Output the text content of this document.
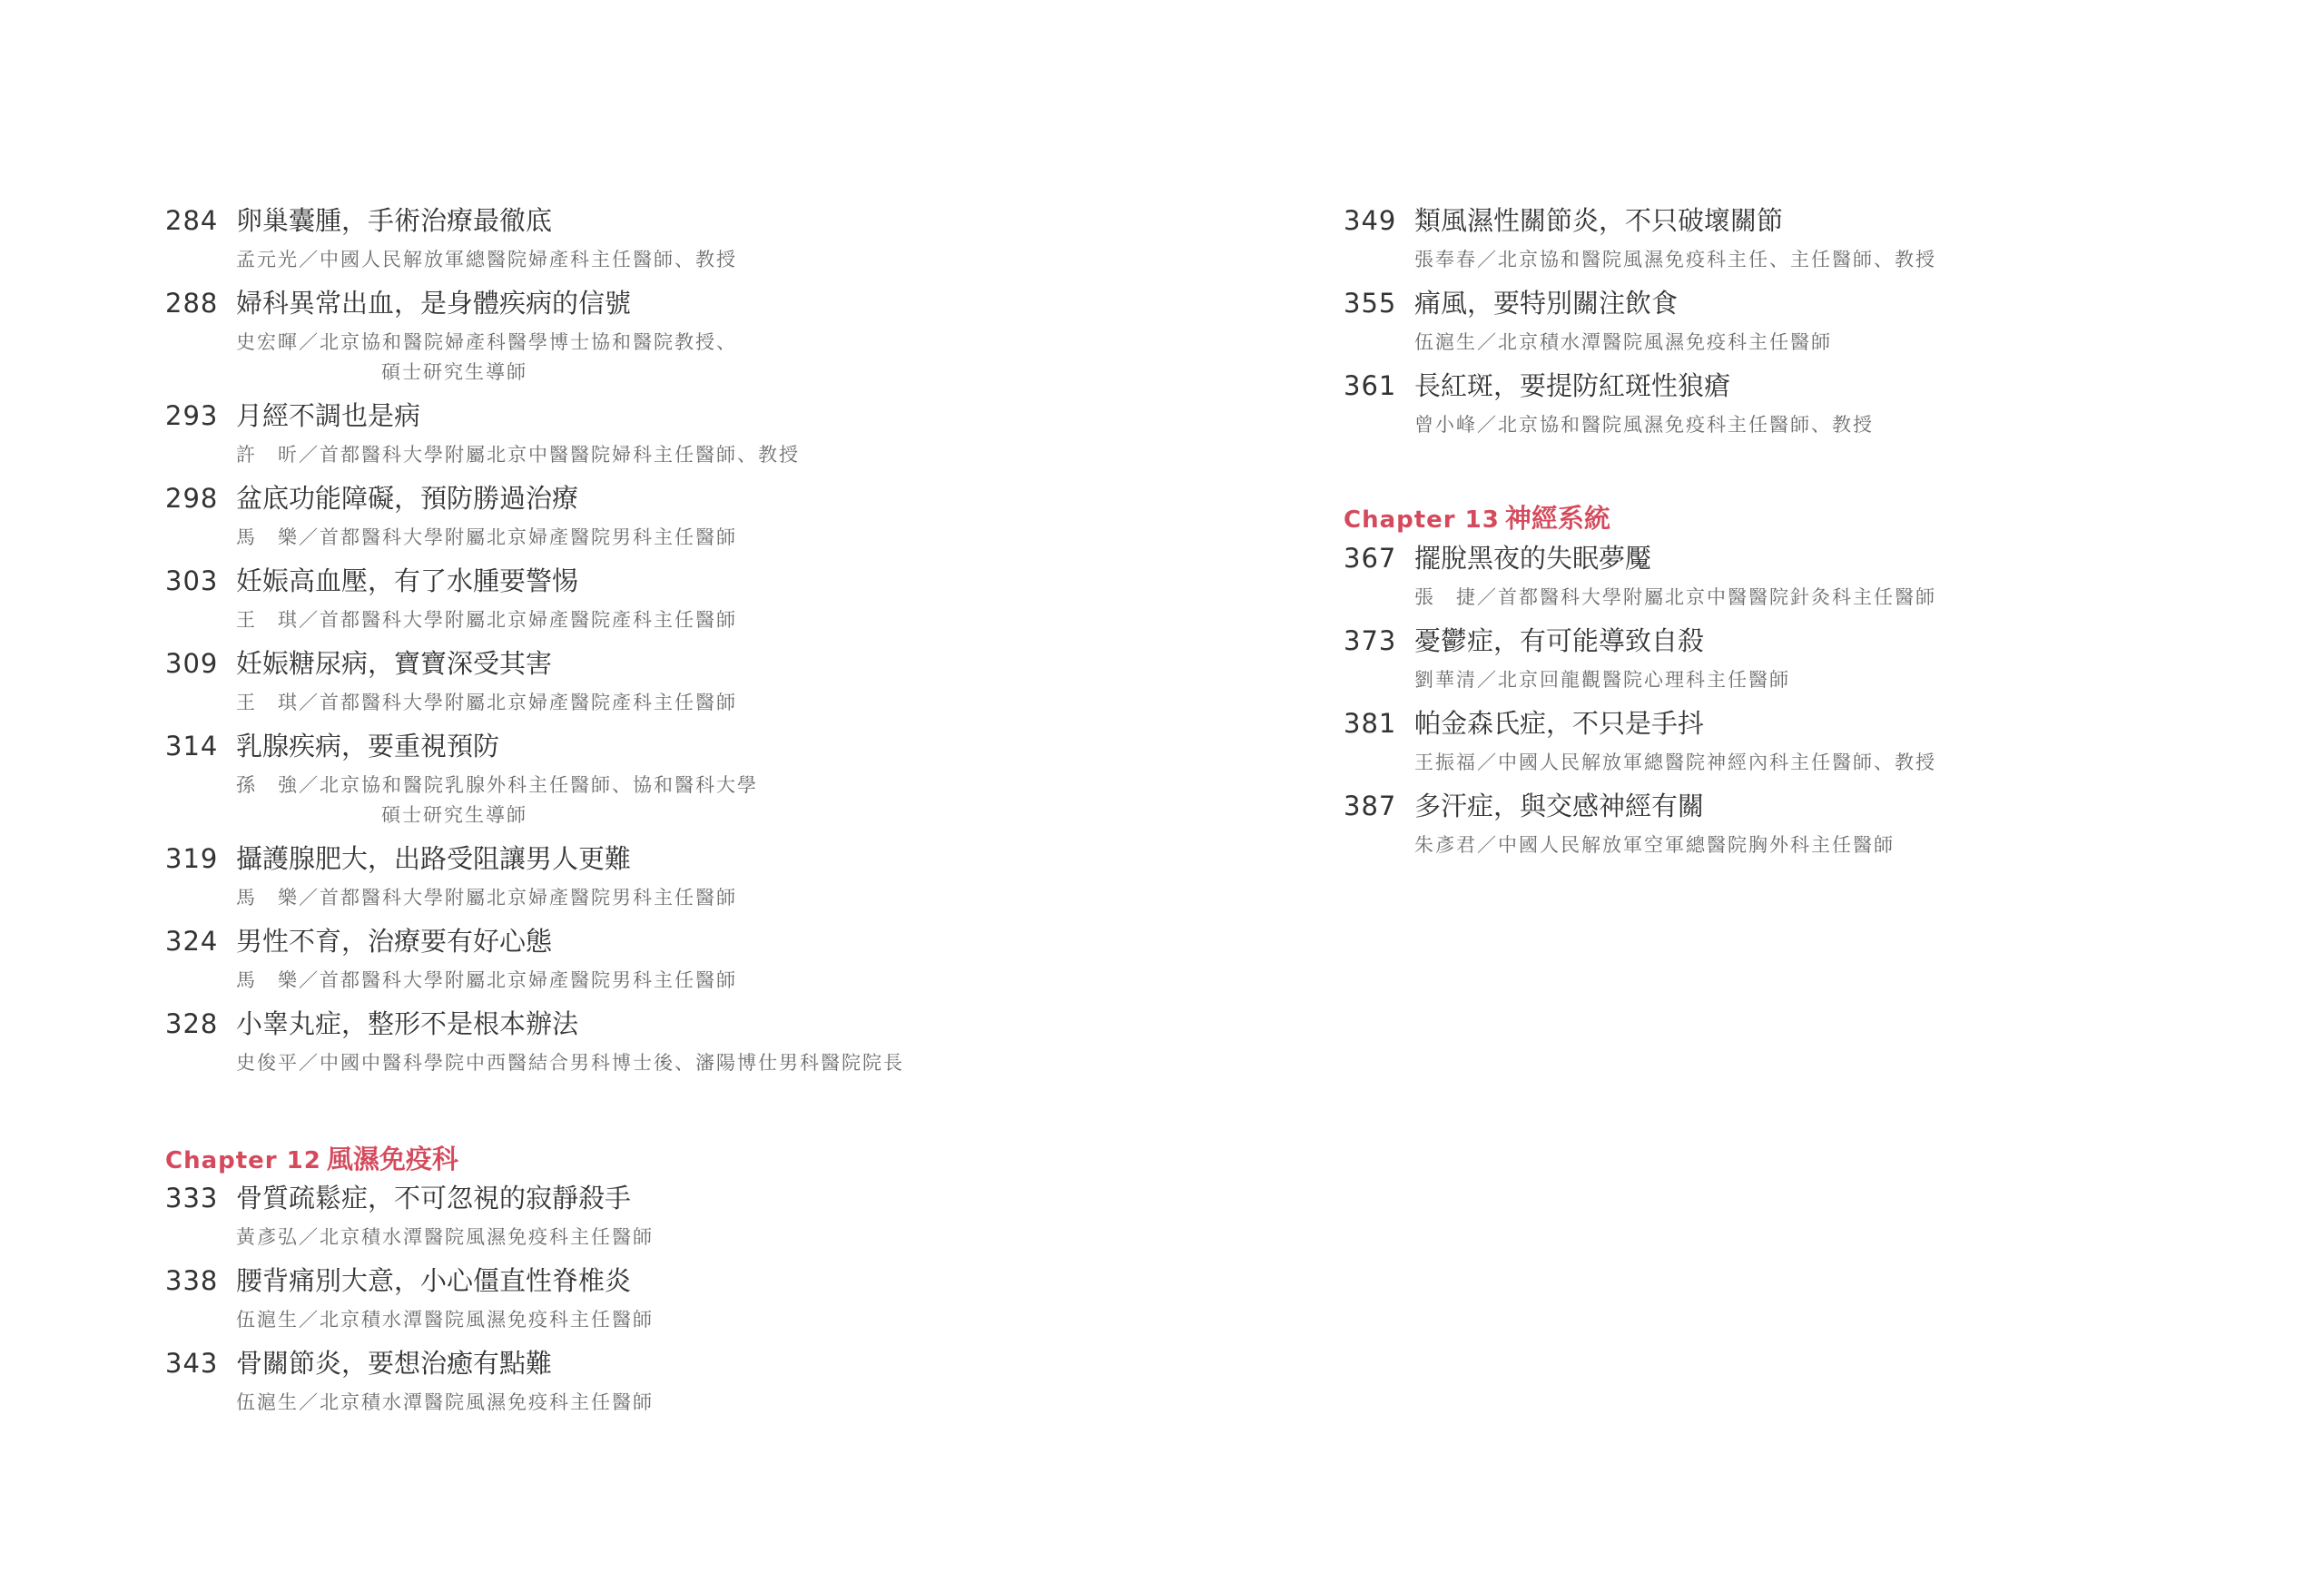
284 卵巢囊腫，手術治療最徹底
孟元光／中國人民解放軍總醫院婦產科主任醫師、教授
288 婦科異常出血，是身體疾病的信號
史宏暉／北京協和醫院婦產科醫學博士協和醫院教授、
碩士研究生導師
293 月經不調也是病
許　昕／首都醫科大學附屬北京中醫醫院婦科主任醫師、教授
298 盆底功能障礙，預防勝過治療
馬　樂／首都醫科大學附屬北京婦產醫院男科主任醫師
303 妊娠高血壓，有了水腫要警惕
王　琪／首都醫科大學附屬北京婦產醫院產科主任醫師
309 妊娠糖尿病，寶寶深受其害
王　琪／首都醫科大學附屬北京婦產醫院產科主任醫師
314 乳腺疾病，要重視預防
孫　強／北京協和醫院乳腺外科主任醫師、協和醫科大學
碩士研究生導師
319 攝護腺肥大，出路受阻讓男人更難
馬　樂／首都醫科大學附屬北京婦產醫院男科主任醫師
324 男性不育，治療要有好心態
馬　樂／首都醫科大學附屬北京婦產醫院男科主任醫師
328 小睾丸症，整形不是根本辦法
史俊平／中國中醫科學院中西醫結合男科博士後、瀋陽博仕男科醫院院長
Chapter 12 風濕免疫科
333 骨質疏鬆症，不可忽視的寂靜殺手
黃彥弘／北京積水潭醫院風濕免疫科主任醫師
338 腰背痛別大意，小心僵直性脊椎炎
伍滬生／北京積水潭醫院風濕免疫科主任醫師
343 骨關節炎，要想治癒有點難
伍滬生／北京積水潭醫院風濕免疫科主任醫師
349 類風濕性關節炎，不只破壞關節
張奉春／北京協和醫院風濕免疫科主任、主任醫師、教授
355 痛風，要特別關注飲食
伍滬生／北京積水潭醫院風濕免疫科主任醫師
361 長紅斑，要提防紅斑性狼瘡
曾小峰／北京協和醫院風濕免疫科主任醫師、教授
Chapter 13 神經系統
367 擺脫黑夜的失眠夢魘
張　捷／首都醫科大學附屬北京中醫醫院針灸科主任醫師
373 憂鬱症，有可能導致自殺
劉華清／北京回龍觀醫院心理科主任醫師
381 帕金森氏症，不只是手抖
王振福／中國人民解放軍總醫院神經內科主任醫師、教授
387 多汗症，與交感神經有關
朱彥君／中國人民解放軍空軍總醫院胸外科主任醫師
